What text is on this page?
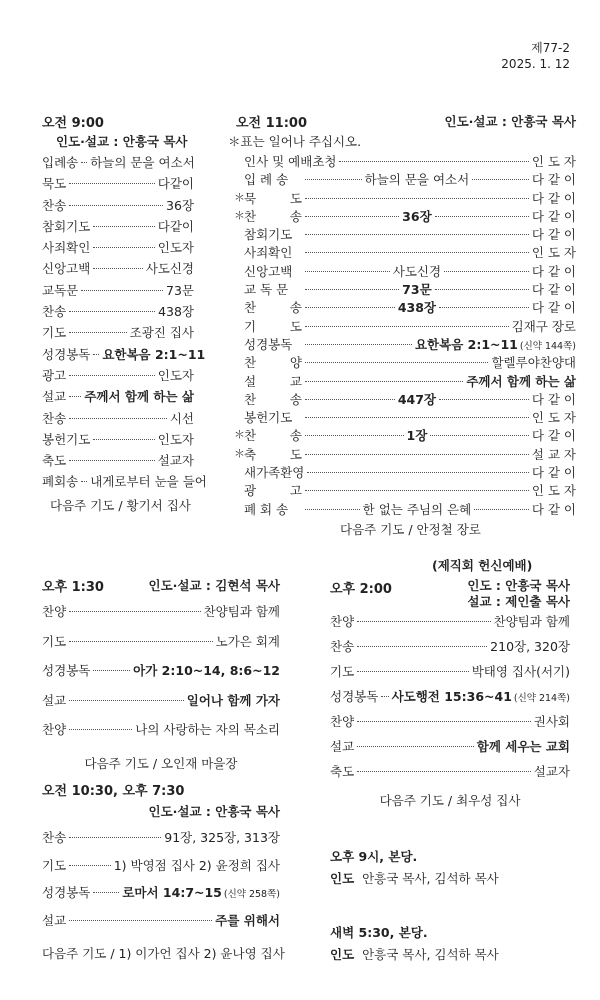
제77-2
2025. 1. 12
오전 9:00
인도·설교 : 안흥국 목사
입례송 하늘의 문을 여소서
묵도	다같이
찬송	36장
참회기도	다같이
사죄확인	인도자
신앙고백	사도신경
교독문	73문
찬송	438장
기도	조광진 집사
성경봉독 요한복음 2:1~11
광고	인도자
설교 주께서 함께 하는 삶
찬송	시선
봉헌기도	인도자
축도	설교자
폐회송 내게로부터 눈을 들어
다음주 기도 / 황기서 집사
오전 11:00	인도·설교 : 안흥국 목사
＊표는 일어나 주십시오.
인사 및 예배초청	인 도 자
입 례 송	하늘의 문을 여소서	다 같 이
＊ 묵 도	다 같 이
＊ 찬 송	36장	다 같 이
참회기도	다 같 이
사죄확인	인 도 자
신앙고백	사도신경	다 같 이
교 독 문	73문	다 같 이
찬 송	438장	다 같 이
기 도	김재구 장로
성경봉독	요한복음 2:1~11 (신약 144쪽)
찬 양	할렐루야찬양대
설 교	주께서 함께 하는 삶
찬 송	447장	다 같 이
봉헌기도	인 도 자
＊ 찬 송	1장	다 같 이
＊ 축 도	설 교 자
새가족환영	다 같 이
광 고	인 도 자
폐 회 송	한 없는 주님의 은혜	다 같 이
다음주 기도 / 안정철 장로
오후 1:30	인도·설교 : 김현석 목사
찬양	찬양팀과 함께
기도	노가은 회계
성경봉독	아가 2:10~14, 8:6~12
설교	일어나 함께 가자
찬양	나의 사랑하는 자의 목소리
다음주 기도 / 오인재 마을장
(제직회 헌신예배)
오후 2:00	인도 : 안흥국 목사
설교 : 제인출 목사
찬양	찬양팀과 함께
찬송	210장, 320장
기도	박태영 집사(서기)
성경봉독 사도행전 15:36~41 (신약 214쪽)
찬양	권사회
설교	함께 세우는 교회
축도	설교자
다음주 기도 / 최우성 집사
오전 10:30, 오후 7:30
인도·설교 : 안흥국 목사
찬송	91장, 325장, 313장
기도	1) 박영점 집사 2) 윤정희 집사
성경봉독	로마서 14:7~15 (신약 258쪽)
설교	주를 위해서
다음주 기도 / 1) 이가언 집사 2) 윤나영 집사
오후 9시, 본당.
인도 안흥국 목사, 김석하 목사
새벽 5:30, 본당.
인도 안흥국 목사, 김석하 목사
